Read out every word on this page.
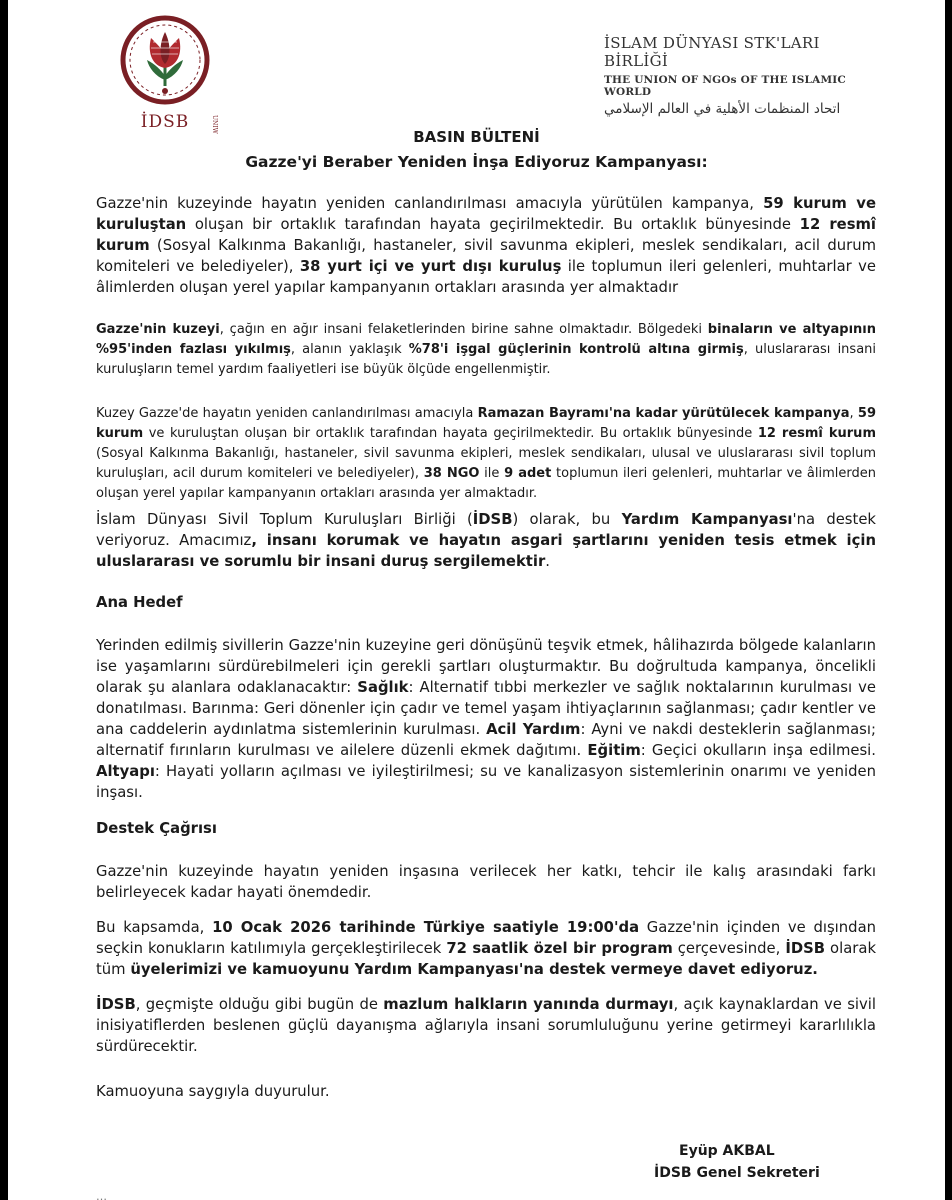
İDSB	UNIW
İSLAM DÜNYASI STK'LARI BİRLİĞİ
THE UNION OF NGOs OF THE ISLAMIC WORLD
اتحاد المنظمات الأهلية في العالم الإسلامي
BASIN BÜLTENİ
Gazze'yi Beraber Yeniden İnşa Ediyoruz Kampanyası:

Gazze'nin kuzeyinde hayatın yeniden canlandırılması amacıyla yürütülen kampanya, 59 kurum ve kuruluştan oluşan bir ortaklık tarafından hayata geçirilmektedir. Bu ortaklık bünyesinde 12 resmî kurum (Sosyal Kalkınma Bakanlığı, hastaneler, sivil savunma ekipleri, meslek sendikaları, acil durum komiteleri ve belediyeler), 38 yurt içi ve yurt dışı kuruluş ile toplumun ileri gelenleri, muhtarlar ve âlimlerden oluşan yerel yapılar kampanyanın ortakları arasında yer almaktadır

Gazze'nin kuzeyi, çağın en ağır insani felaketlerinden birine sahne olmaktadır. Bölgedeki binaların ve altyapının %95'inden fazlası yıkılmış, alanın yaklaşık %78'i işgal güçlerinin kontrolü altına girmiş, uluslararası insani kuruluşların temel yardım faaliyetleri ise büyük ölçüde engellenmiştir.

Kuzey Gazze'de hayatın yeniden canlandırılması amacıyla Ramazan Bayramı'na kadar yürütülecek kampanya, 59 kurum ve kuruluştan oluşan bir ortaklık tarafından hayata geçirilmektedir. Bu ortaklık bünyesinde 12 resmî kurum (Sosyal Kalkınma Bakanlığı, hastaneler, sivil savunma ekipleri, meslek sendikaları, ulusal ve uluslararası sivil toplum kuruluşları, acil durum komiteleri ve belediyeler), 38 NGO ile 9 adet toplumun ileri gelenleri, muhtarlar ve âlimlerden oluşan yerel yapılar kampanyanın ortakları arasında yer almaktadır.

İslam Dünyası Sivil Toplum Kuruluşları Birliği (İDSB) olarak, bu Yardım Kampanyası'na destek veriyoruz. Amacımız, insanı korumak ve hayatın asgari şartlarını yeniden tesis etmek için uluslararası ve sorumlu bir insani duruş sergilemektir.

Ana Hedef

Yerinden edilmiş sivillerin Gazze'nin kuzeyine geri dönüşünü teşvik etmek, hâlihazırda bölgede kalanların ise yaşamlarını sürdürebilmeleri için gerekli şartları oluşturmaktır. Bu doğrultuda kampanya, öncelikli olarak şu alanlara odaklanacaktır: Sağlık: Alternatif tıbbi merkezler ve sağlık noktalarının kurulması ve donatılması. Barınma: Geri dönenler için çadır ve temel yaşam ihtiyaçlarının sağlanması; çadır kentler ve ana caddelerin aydınlatma sistemlerinin kurulması. Acil Yardım: Ayni ve nakdi desteklerin sağlanması; alternatif fırınların kurulması ve ailelere düzenli ekmek dağıtımı. Eğitim: Geçici okulların inşa edilmesi. Altyapı: Hayati yolların açılması ve iyileştirilmesi; su ve kanalizasyon sistemlerinin onarımı ve yeniden inşası.

Destek Çağrısı

Gazze'nin kuzeyinde hayatın yeniden inşasına verilecek her katkı, tehcir ile kalış arasındaki farkı belirleyecek kadar hayati önemdedir.

Bu kapsamda, 10 Ocak 2026 tarihinde Türkiye saatiyle 19:00'da Gazze'nin içinden ve dışından seçkin konukların katılımıyla gerçekleştirilecek 72 saatlik özel bir program çerçevesinde, İDSB olarak tüm üyelerimizi ve kamuoyunu Yardım Kampanyası'na destek vermeye davet ediyoruz.

İDSB, geçmişte olduğu gibi bugün de mazlum halkların yanında durmayı, açık kaynaklardan ve sivil inisiyatiflerden beslenen güçlü dayanışma ağlarıyla insani sorumluluğunu yerine getirmeyi kararlılıkla sürdürecektir.

Kamuoyuna saygıyla duyurulur.

Eyüp AKBAL
İDSB Genel Sekreteri
…
